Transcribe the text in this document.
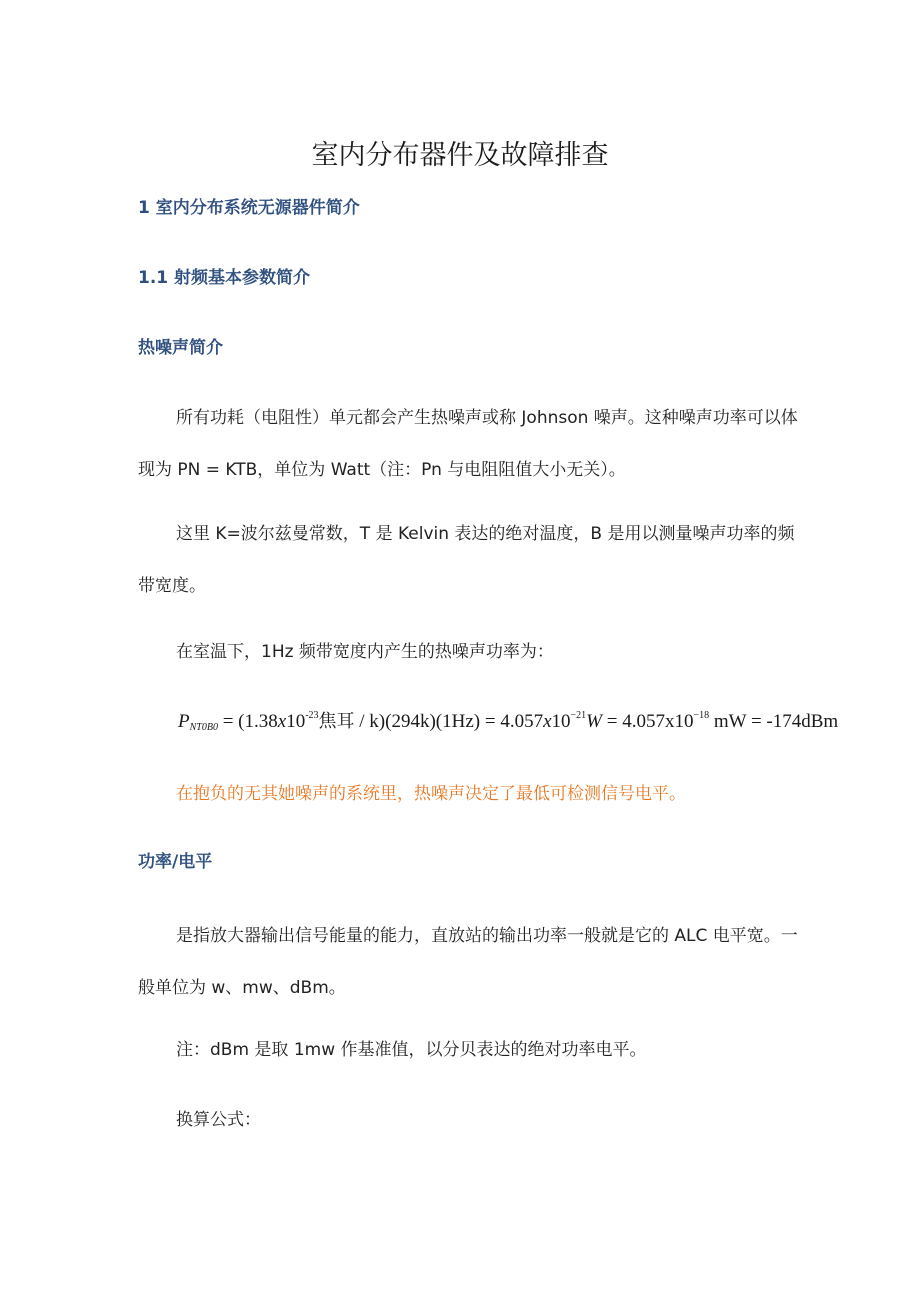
室内分布器件及故障排查
1 室内分布系统无源器件简介
1.1 射频基本参数简介
热噪声简介

所有功耗（电阻性）单元都会产生热噪声或称 Johnson 噪声。这种噪声功率可以体现为 PN = KTB，单位为 Watt（注：Pn 与电阻阻值大小无关）。

这里 K=波尔兹曼常数，T 是 Kelvin 表达的绝对温度，B 是用以测量噪声功率的频带宽度。

在室温下，1Hz 频带宽度内产生的热噪声功率为：

$PNT0B0 = (1.38x10^{-23}$焦耳 / $k)(294k)(1Hz) = 4.057x10^{-21}W = 4.057x10^{-18}$ mW = -174dBm

在抱负的无其她噪声的系统里，热噪声决定了最低可检测信号电平。

功率/电平

是指放大器输出信号能量的能力，直放站的输出功率一般就是它的 ALC 电平宽。一般单位为 w、mw、dBm。

注：dBm 是取 1mw 作基准值，以分贝表达的绝对功率电平。

换算公式：
